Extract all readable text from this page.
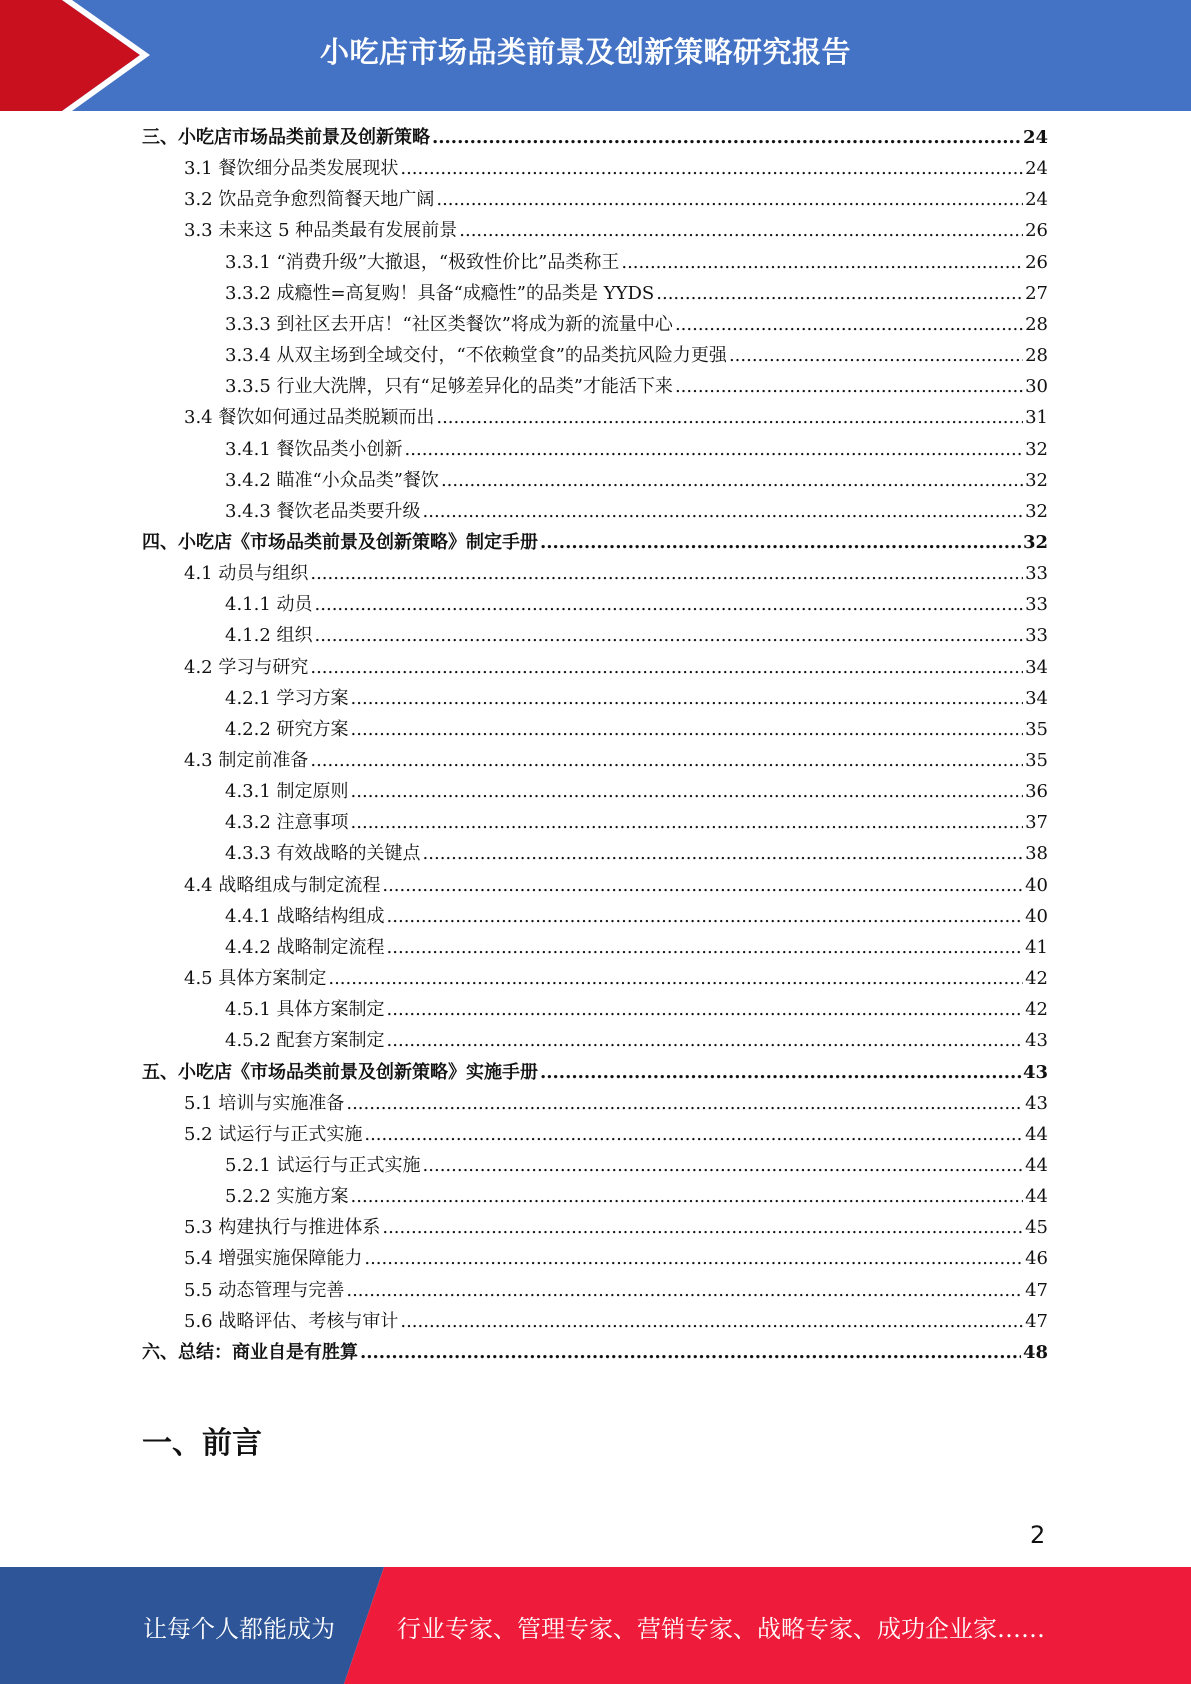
小吃店市场品类前景及创新策略研究报告
三、小吃店市场品类前景及创新策略 .....	24
3.1 餐饮细分品类发展现状 .....	24
3.2 饮品竞争愈烈简餐天地广阔 .....	24
3.3 未来这 5 种品类最有发展前景 .....	26
3.3.1 “消费升级”大撤退，“极致性价比”品类称王 .....	26
3.3.2 成瘾性=高复购！具备“成瘾性”的品类是 YYDS .....	27
3.3.3 到社区去开店！“社区类餐饮”将成为新的流量中心 .....	28
3.3.4 从双主场到全域交付，“不依赖堂食”的品类抗风险力更强 .....	28
3.3.5 行业大洗牌，只有“足够差异化的品类”才能活下来 .....	30
3.4 餐饮如何通过品类脱颖而出 .....	31
3.4.1 餐饮品类小创新 .....	32
3.4.2 瞄准“小众品类”餐饮 .....	32
3.4.3 餐饮老品类要升级 .....	32
四、小吃店《市场品类前景及创新策略》制定手册 .....	32
4.1 动员与组织 .....	33
4.1.1 动员 .....	33
4.1.2 组织 .....	33
4.2 学习与研究 .....	34
4.2.1 学习方案 .....	34
4.2.2 研究方案 .....	35
4.3 制定前准备 .....	35
4.3.1 制定原则 .....	36
4.3.2 注意事项 .....	37
4.3.3 有效战略的关键点 .....	38
4.4 战略组成与制定流程 .....	40
4.4.1 战略结构组成 .....	40
4.4.2 战略制定流程 .....	41
4.5 具体方案制定 .....	42
4.5.1 具体方案制定 .....	42
4.5.2 配套方案制定 .....	43
五、小吃店《市场品类前景及创新策略》实施手册 .....	43
5.1 培训与实施准备 .....	43
5.2 试运行与正式实施 .....	44
5.2.1 试运行与正式实施 .....	44
5.2.2 实施方案 .....	44
5.3 构建执行与推进体系 .....	45
5.4 增强实施保障能力 .....	46
5.5 动态管理与完善 .....	47
5.6 战略评估、考核与审计 .....	47
六、总结：商业自是有胜算 .....	48
一、前言
2
让每个人都能成为	行业专家、管理专家、营销专家、战略专家、成功企业家……
